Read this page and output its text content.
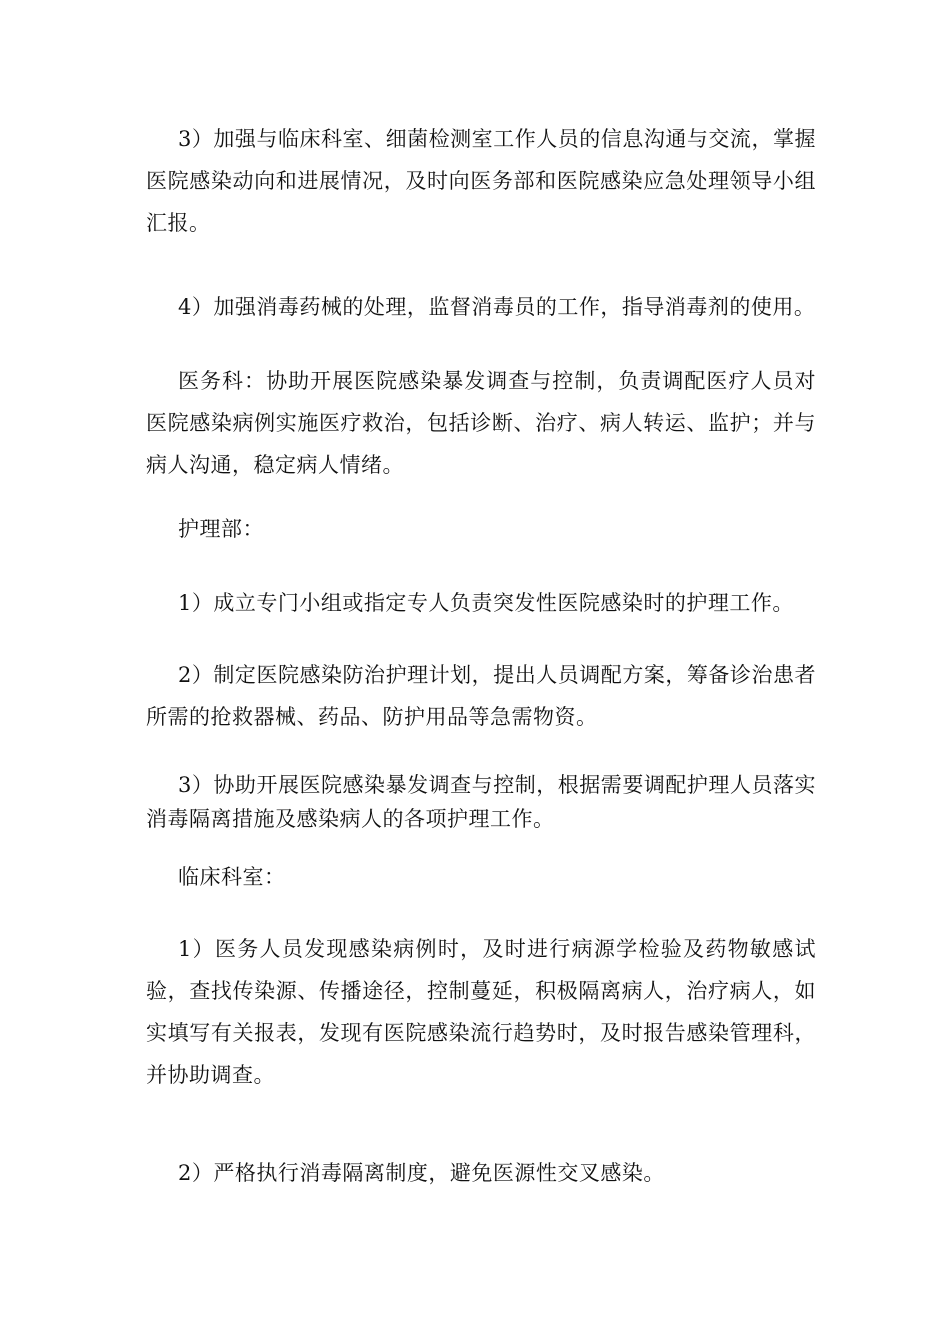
3）加强与临床科室、细菌检测室工作人员的信息沟通与交流，掌握医院感染动向和进展情况，及时向医务部和医院感染应急处理领导小组汇报。

4）加强消毒药械的处理，监督消毒员的工作，指导消毒剂的使用。

医务科：协助开展医院感染暴发调查与控制，负责调配医疗人员对医院感染病例实施医疗救治，包括诊断、治疗、病人转运、监护；并与病人沟通，稳定病人情绪。

护理部：

1）成立专门小组或指定专人负责突发性医院感染时的护理工作。

2）制定医院感染防治护理计划，提出人员调配方案，筹备诊治患者所需的抢救器械、药品、防护用品等急需物资。

3）协助开展医院感染暴发调查与控制，根据需要调配护理人员落实消毒隔离措施及感染病人的各项护理工作。

临床科室：

1）医务人员发现感染病例时，及时进行病源学检验及药物敏感试验，查找传染源、传播途径，控制蔓延，积极隔离病人，治疗病人，如实填写有关报表，发现有医院感染流行趋势时，及时报告感染管理科，并协助调查。

2）严格执行消毒隔离制度，避免医源性交叉感染。
